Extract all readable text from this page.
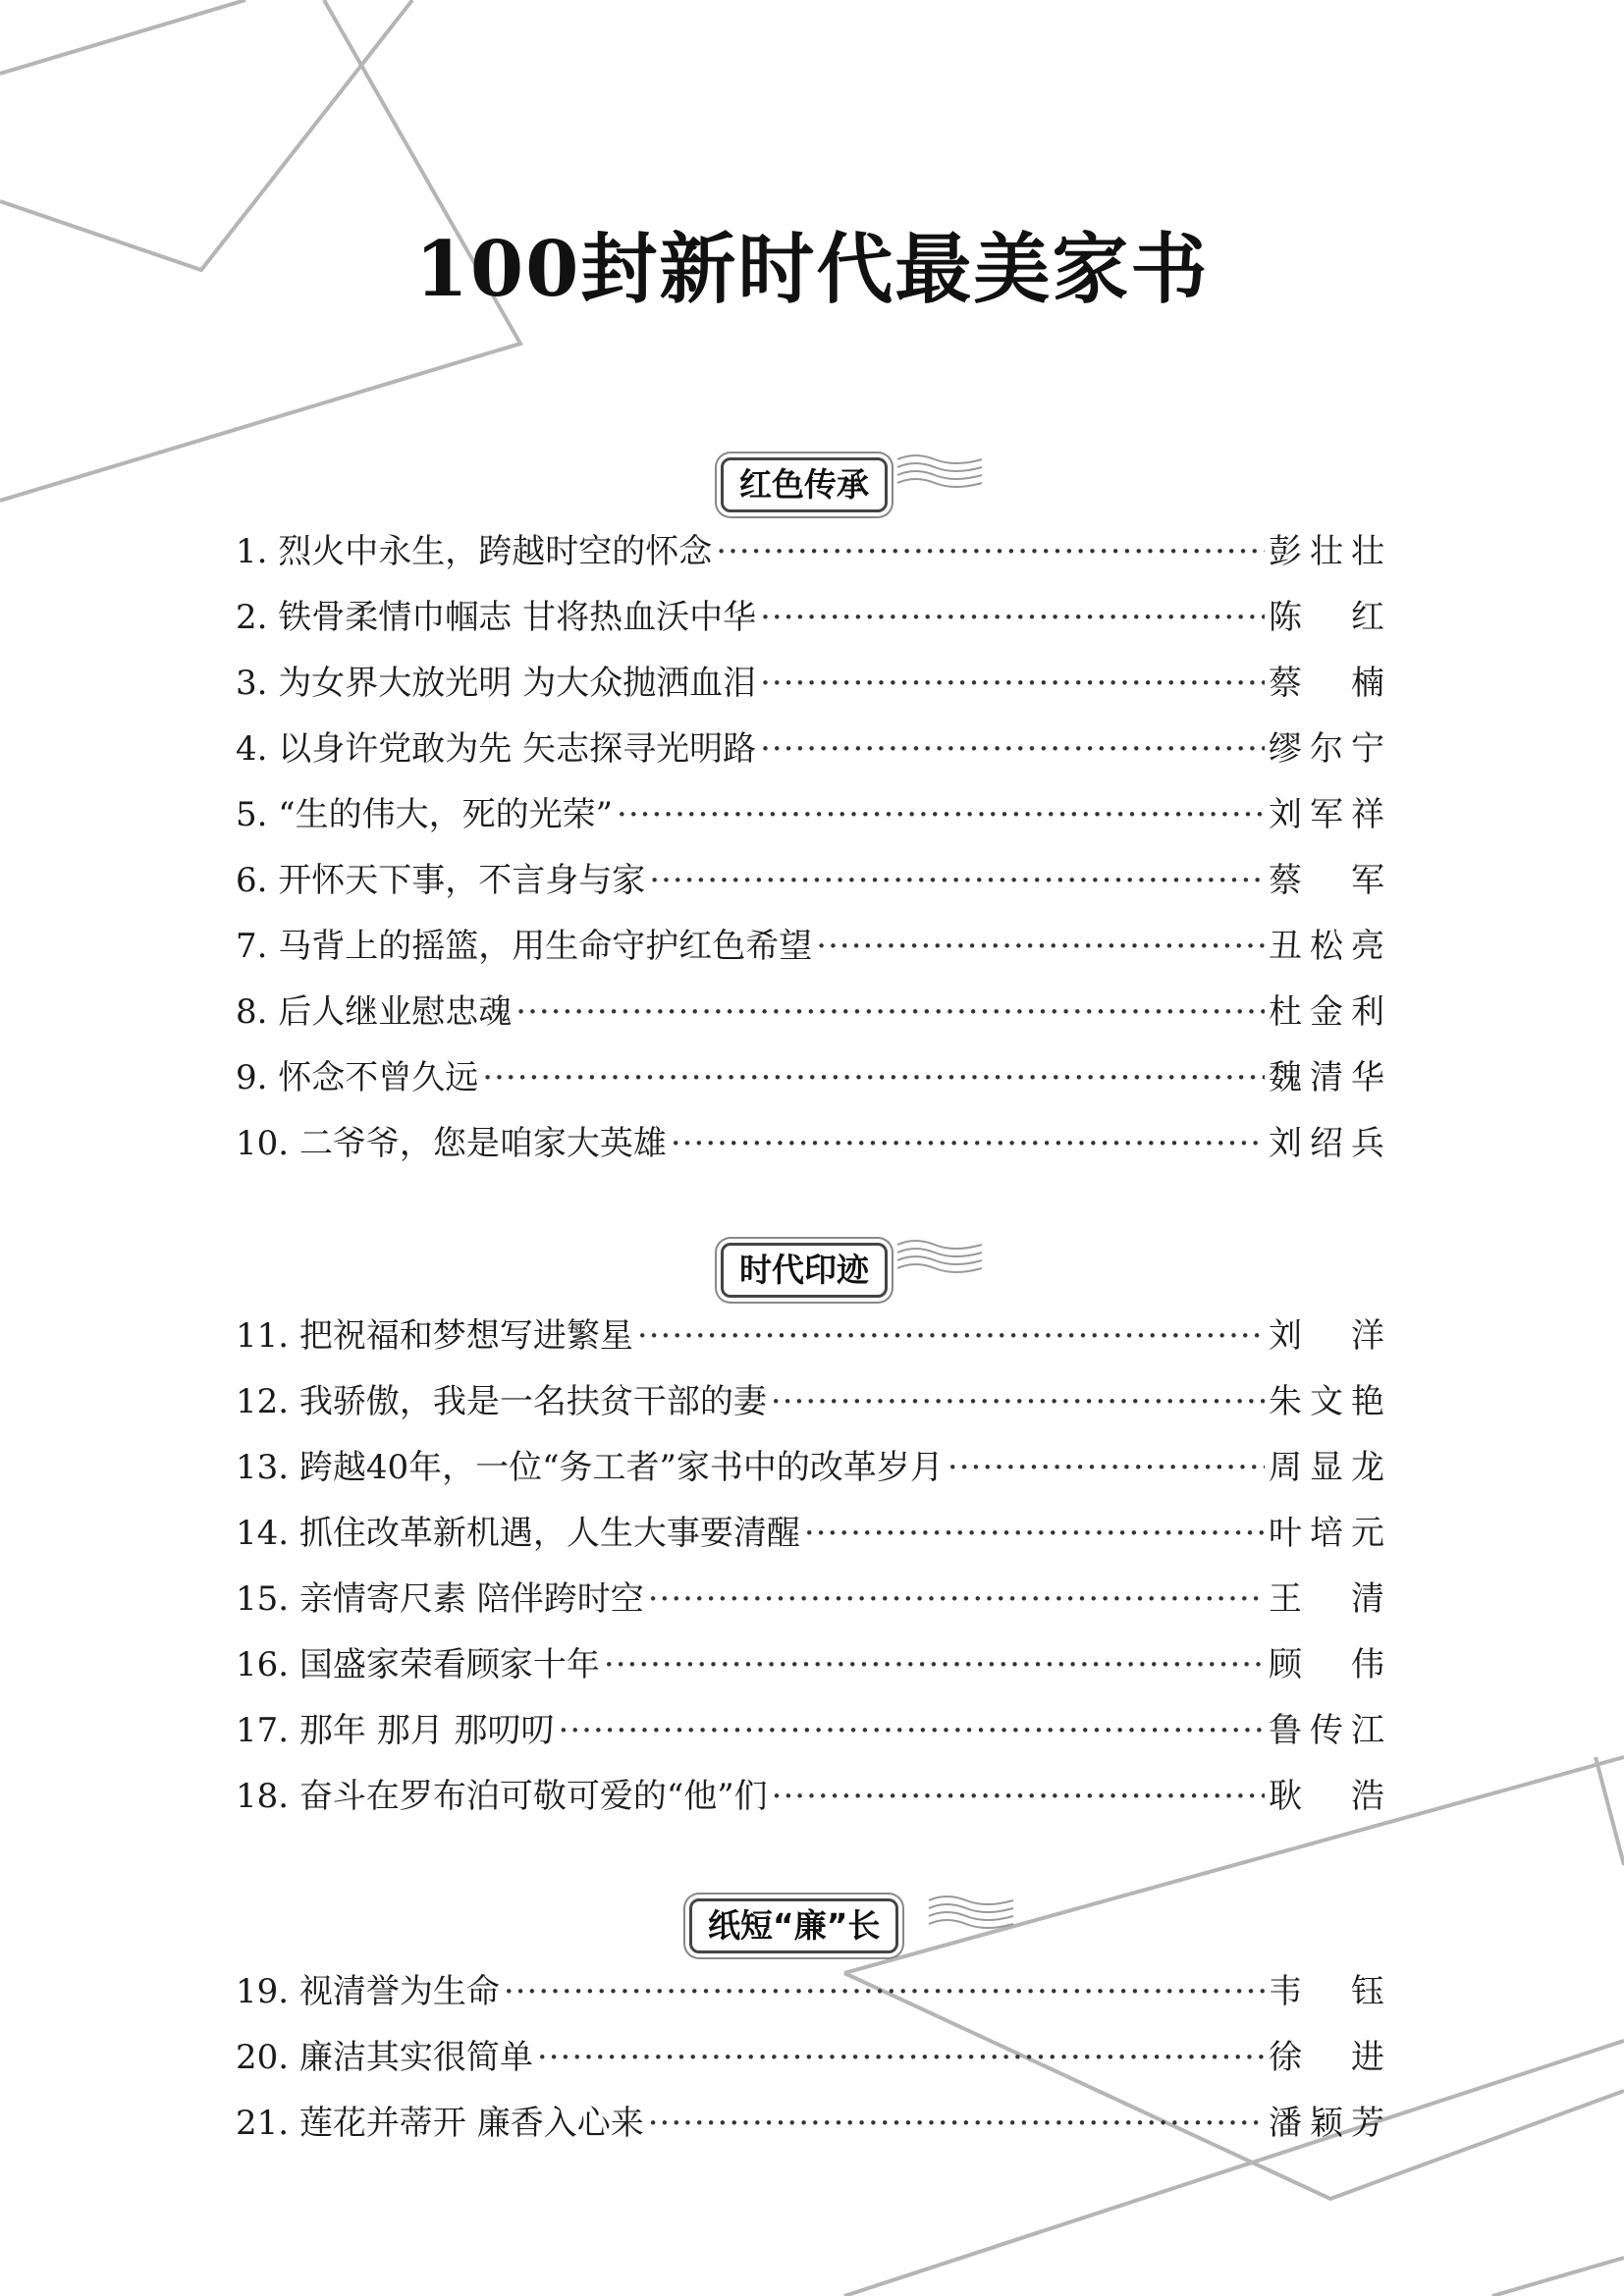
100封新时代最美家书
红色传承
1. 烈火中永生，跨越时空的怀念 ·····	彭壮壮
2. 铁骨柔情巾帼志 甘将热血沃中华 ·····	陈 红
3. 为女界大放光明 为大众抛洒血泪 ·····	蔡 楠
4. 以身许党敢为先 矢志探寻光明路 ·····	缪尔宁
5. “生的伟大，死的光荣” ·····	刘军祥
6. 开怀天下事，不言身与家 ·····	蔡 军
7. 马背上的摇篮，用生命守护红色希望 ·····	丑松亮
8. 后人继业慰忠魂 ·····	杜金利
9. 怀念不曾久远 ·····	魏清华
10. 二爷爷，您是咱家大英雄 ·····	刘绍兵
时代印迹
11. 把祝福和梦想写进繁星 ·····	刘 洋
12. 我骄傲，我是一名扶贫干部的妻 ·····	朱文艳
13. 跨越40年，一位“务工者”家书中的改革岁月 ·····	周显龙
14. 抓住改革新机遇，人生大事要清醒 ·····	叶培元
15. 亲情寄尺素 陪伴跨时空 ·····	王 清
16. 国盛家荣看顾家十年 ·····	顾 伟
17. 那年 那月 那叨叨 ·····	鲁传江
18. 奋斗在罗布泊可敬可爱的“他”们 ·····	耿 浩
纸短“廉”长
19. 视清誉为生命 ·····	韦 钰
20. 廉洁其实很简单 ·····	徐 进
21. 莲花并蒂开 廉香入心来 ·····	潘颖芳
